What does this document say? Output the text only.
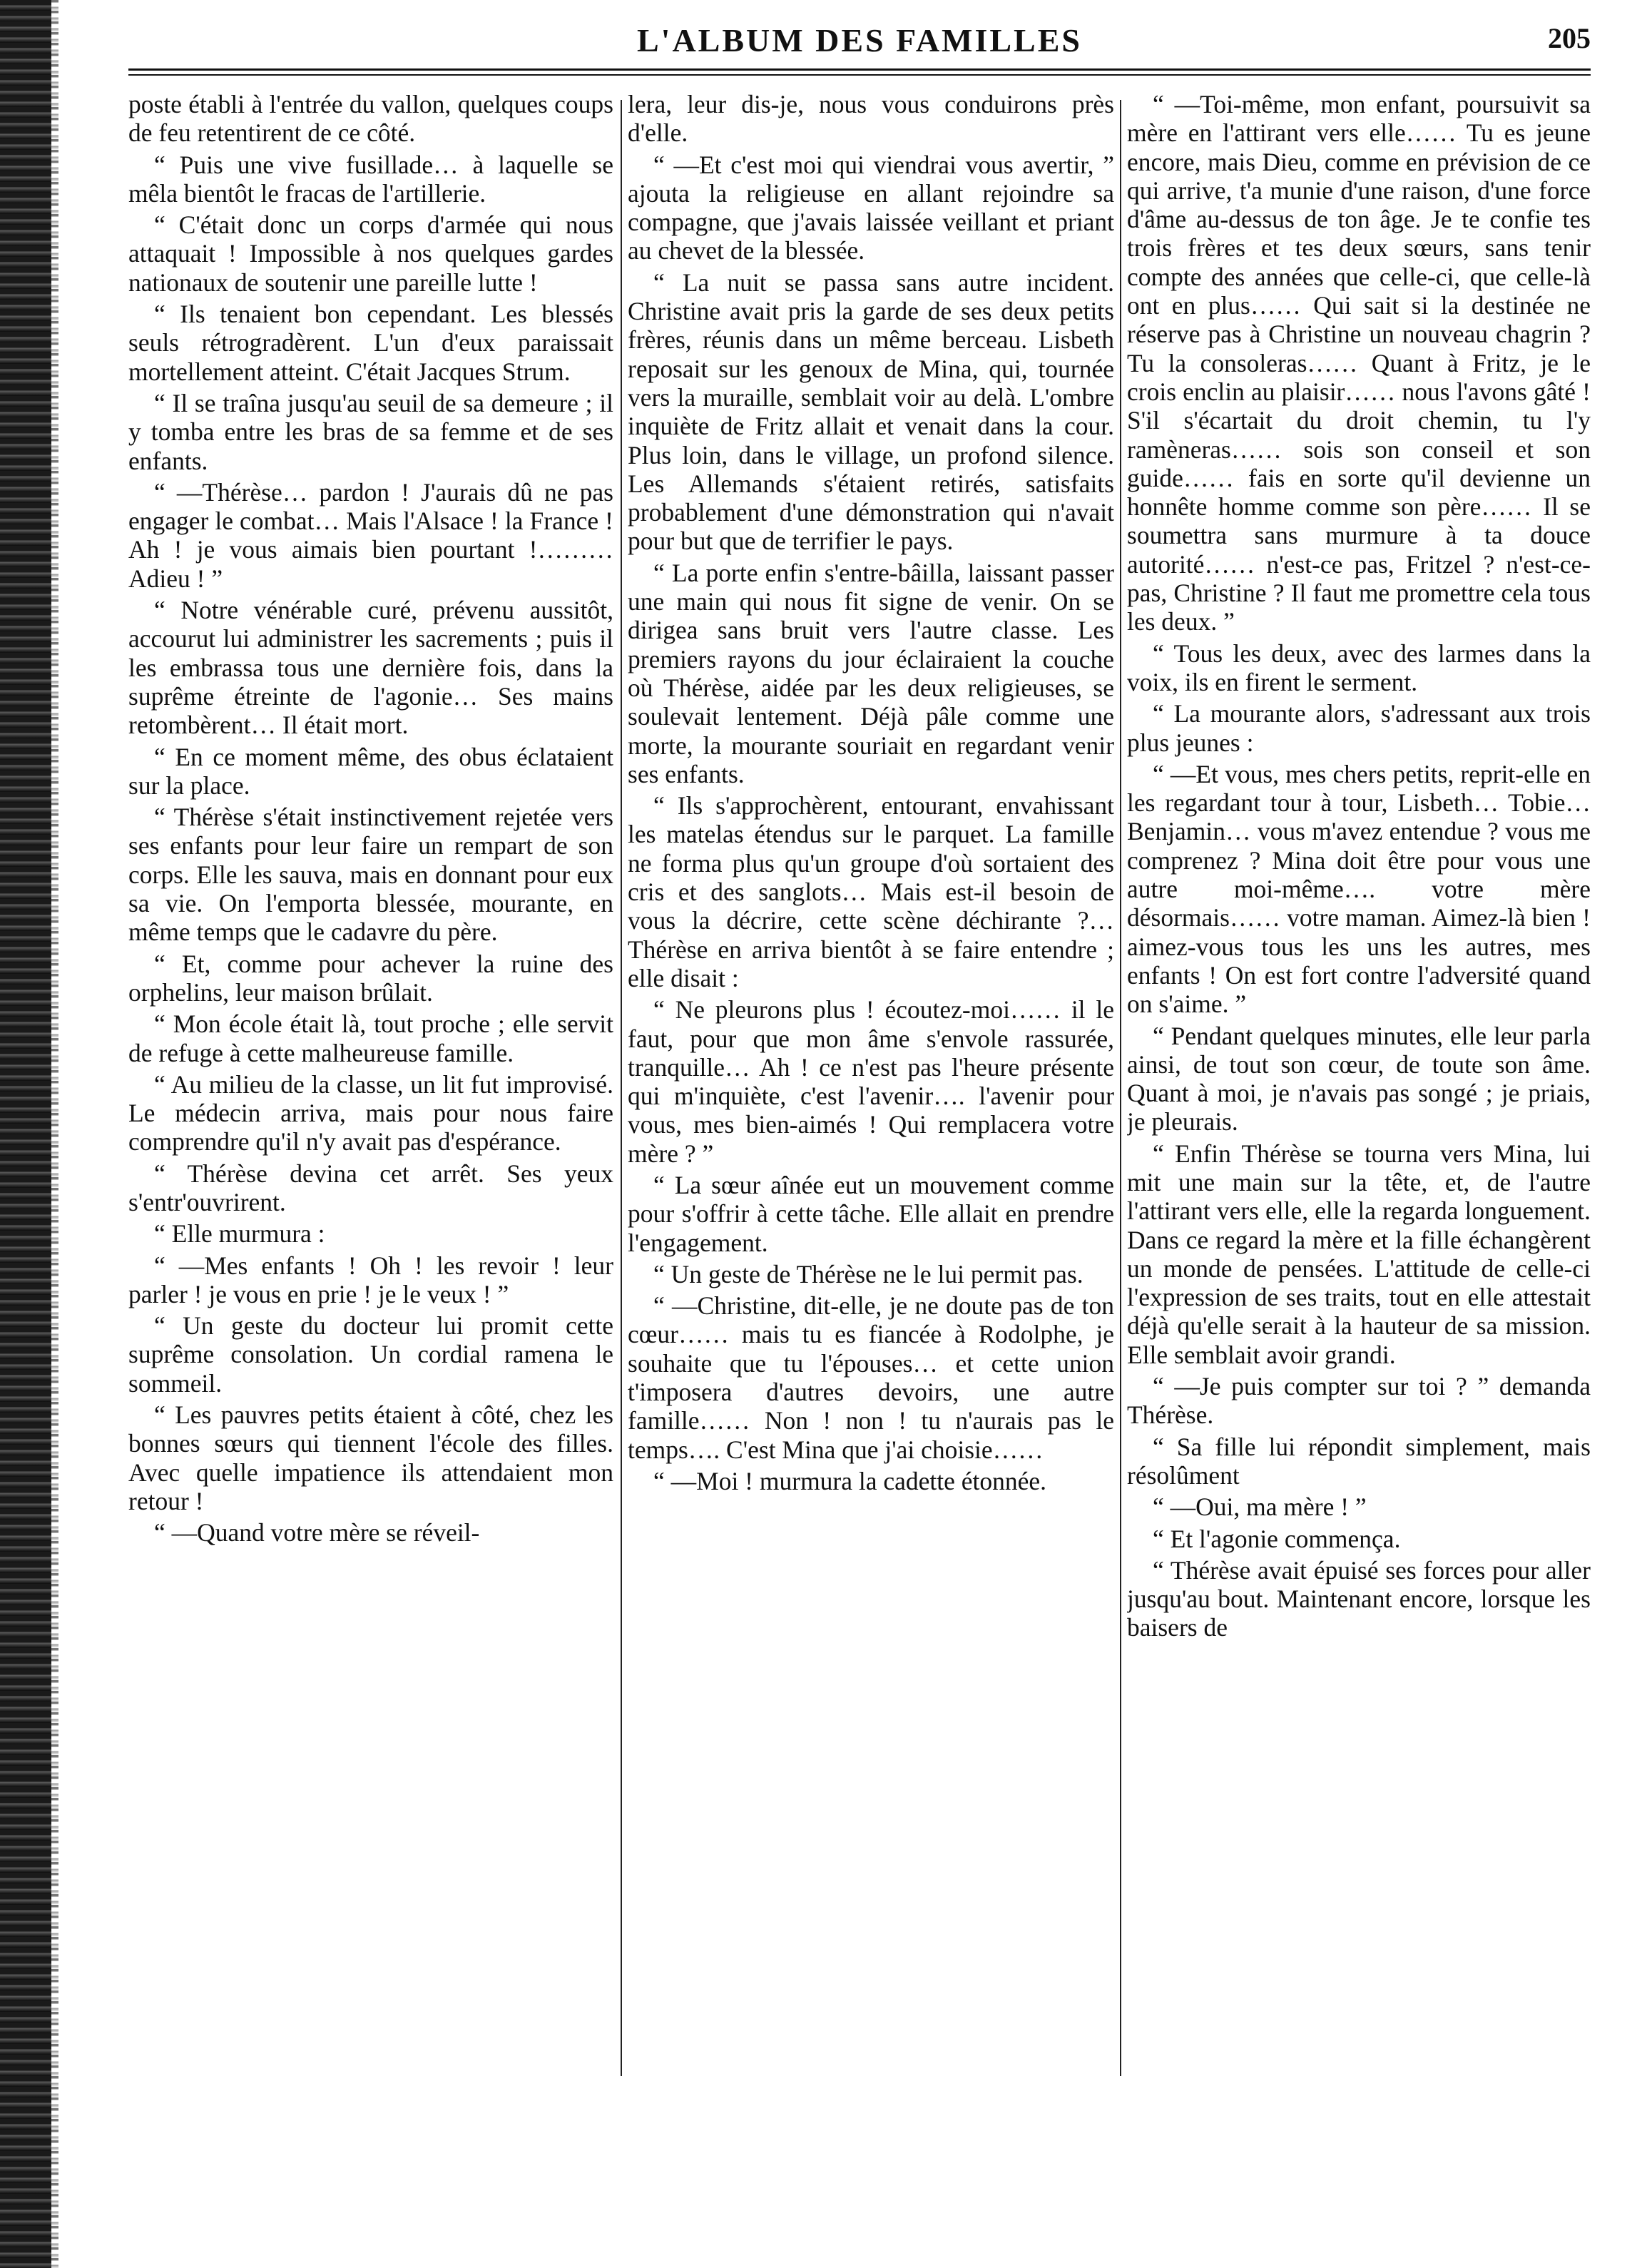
L'ALBUM DES FAMILLES	205

poste établi à l'entrée du vallon, quelques coups de feu retentirent de ce côté.

“ Puis une vive fusillade… à laquelle se mêla bientôt le fracas de l'artillerie.

“ C'était donc un corps d'armée qui nous attaquait ! Impossible à nos quelques gardes nationaux de soutenir une pareille lutte !

“ Ils tenaient bon cependant. Les blessés seuls rétrogradèrent. L'un d'eux paraissait mortellement atteint. C'était Jacques Strum.

“ Il se traîna jusqu'au seuil de sa demeure ; il y tomba entre les bras de sa femme et de ses enfants.

“ —Thérèse… pardon ! J'aurais dû ne pas engager le combat… Mais l'Alsace ! la France ! Ah ! je vous aimais bien pourtant !……… Adieu ! ”

“ Notre vénérable curé, prévenu aussitôt, accourut lui administrer les sacrements ; puis il les embrassa tous une dernière fois, dans la suprême étreinte de l'agonie… Ses mains retombèrent… Il était mort.

“ En ce moment même, des obus éclataient sur la place.

“ Thérèse s'était instinctivement rejetée vers ses enfants pour leur faire un rempart de son corps. Elle les sauva, mais en donnant pour eux sa vie. On l'emporta blessée, mourante, en même temps que le cadavre du père.

“ Et, comme pour achever la ruine des orphelins, leur maison brûlait.

“ Mon école était là, tout proche ; elle servit de refuge à cette malheureuse famille.

“ Au milieu de la classe, un lit fut improvisé. Le médecin arriva, mais pour nous faire comprendre qu'il n'y avait pas d'espérance.

“ Thérèse devina cet arrêt. Ses yeux s'entr'ouvrirent.

“ Elle murmura :

“ —Mes enfants ! Oh ! les revoir ! leur parler ! je vous en prie ! je le veux ! ”

“ Un geste du docteur lui promit cette suprême consolation. Un cordial ramena le sommeil.

“ Les pauvres petits étaient à côté, chez les bonnes sœurs qui tiennent l'école des filles. Avec quelle impatience ils attendaient mon retour !

“ —Quand votre mère se réveil-

lera, leur dis-je, nous vous conduirons près d'elle.

“ —Et c'est moi qui viendrai vous avertir, ” ajouta la religieuse en allant rejoindre sa compagne, que j'avais laissée veillant et priant au chevet de la blessée.

“ La nuit se passa sans autre incident. Christine avait pris la garde de ses deux petits frères, réunis dans un même berceau. Lisbeth reposait sur les genoux de Mina, qui, tournée vers la muraille, semblait voir au delà. L'ombre inquiète de Fritz allait et venait dans la cour. Plus loin, dans le village, un profond silence. Les Allemands s'étaient retirés, satisfaits probablement d'une démonstration qui n'avait pour but que de terrifier le pays.

“ La porte enfin s'entre-bâilla, laissant passer une main qui nous fit signe de venir. On se dirigea sans bruit vers l'autre classe. Les premiers rayons du jour éclairaient la couche où Thérèse, aidée par les deux religieuses, se soulevait lentement. Déjà pâle comme une morte, la mourante souriait en regardant venir ses enfants.

“ Ils s'approchèrent, entourant, envahissant les matelas étendus sur le parquet. La famille ne forma plus qu'un groupe d'où sortaient des cris et des sanglots… Mais est-il besoin de vous la décrire, cette scène déchirante ?… Thérèse en arriva bientôt à se faire entendre ; elle disait :

“ Ne pleurons plus ! écoutez-moi…… il le faut, pour que mon âme s'envole rassurée, tranquille… Ah ! ce n'est pas l'heure présente qui m'inquiète, c'est l'avenir…. l'avenir pour vous, mes bien-aimés ! Qui remplacera votre mère ? ”

“ La sœur aînée eut un mouvement comme pour s'offrir à cette tâche. Elle allait en prendre l'engagement.

“ Un geste de Thérèse ne le lui permit pas.

“ —Christine, dit-elle, je ne doute pas de ton cœur…… mais tu es fiancée à Rodolphe, je souhaite que tu l'épouses… et cette union t'imposera d'autres devoirs, une autre famille…… Non ! non ! tu n'aurais pas le temps…. C'est Mina que j'ai choisie……

“ —Moi ! murmura la cadette étonnée.

“ —Toi-même, mon enfant, poursuivit sa mère en l'attirant vers elle…… Tu es jeune encore, mais Dieu, comme en prévision de ce qui arrive, t'a munie d'une raison, d'une force d'âme au-dessus de ton âge. Je te confie tes trois frères et tes deux sœurs, sans tenir compte des années que celle-ci, que celle-là ont en plus…… Qui sait si la destinée ne réserve pas à Christine un nouveau chagrin ? Tu la consoleras…… Quant à Fritz, je le crois enclin au plaisir…… nous l'avons gâté ! S'il s'écartait du droit chemin, tu l'y ramèneras…… sois son conseil et son guide…… fais en sorte qu'il devienne un honnête homme comme son père…… Il se soumettra sans murmure à ta douce autorité…… n'est-ce pas, Fritzel ? n'est-ce-pas, Christine ? Il faut me promettre cela tous les deux. ”

“ Tous les deux, avec des larmes dans la voix, ils en firent le serment.

“ La mourante alors, s'adressant aux trois plus jeunes :

“ —Et vous, mes chers petits, reprit-elle en les regardant tour à tour, Lisbeth… Tobie… Benjamin… vous m'avez entendue ? vous me comprenez ? Mina doit être pour vous une autre moi-même…. votre mère désormais…… votre maman. Aimez-là bien ! aimez-vous tous les uns les autres, mes enfants ! On est fort contre l'adversité quand on s'aime. ”

“ Pendant quelques minutes, elle leur parla ainsi, de tout son cœur, de toute son âme. Quant à moi, je n'avais pas songé ; je priais, je pleurais.

“ Enfin Thérèse se tourna vers Mina, lui mit une main sur la tête, et, de l'autre l'attirant vers elle, elle la regarda longuement. Dans ce regard la mère et la fille échangèrent un monde de pensées. L'attitude de celle-ci l'expression de ses traits, tout en elle attestait déjà qu'elle serait à la hauteur de sa mission. Elle semblait avoir grandi.

“ —Je puis compter sur toi ? ” demanda Thérèse.

“ Sa fille lui répondit simplement, mais résolûment

“ —Oui, ma mère ! ”

“ Et l'agonie commença.

“ Thérèse avait épuisé ses forces pour aller jusqu'au bout. Maintenant encore, lorsque les baisers de
